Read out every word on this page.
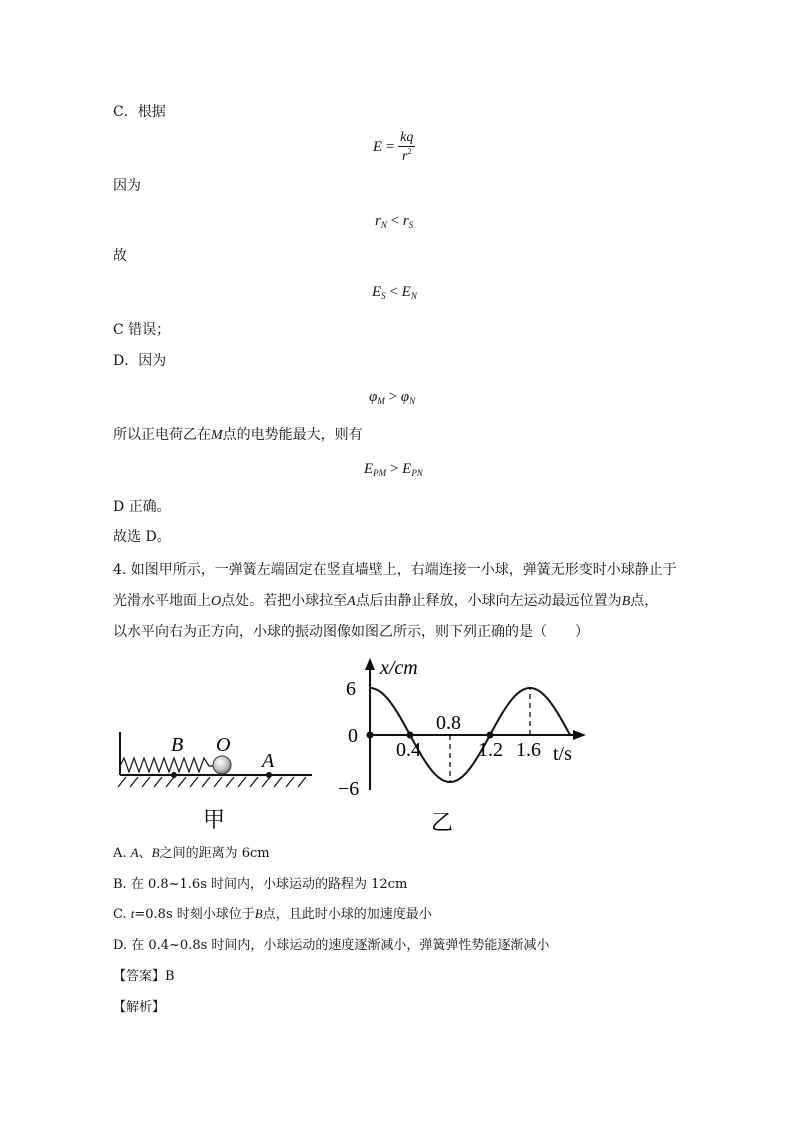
C．根据
$E = \frac{kq}{r^2}$
因为
$r_N < r_S$
故
$E_S < E_N$
C 错误；
D．因为
$\varphi_M > \varphi_N$
所以正电荷乙在M点的电势能最大，则有
$E_{PM} > E_{PN}$
D 正确。
故选 D。
4. 如图甲所示，一弹簧左端固定在竖直墙壁上，右端连接一小球，弹簧无形变时小球静止于
光滑水平地面上O点处。若把小球拉至A点后由静止释放，小球向左运动最远位置为B点，
以水平向右为正方向，小球的振动图像如图乙所示，则下列正确的是（　　）
B O
A
甲
0.4
0.8
1.2 1.6
6
0
−6
x/cm
t/s
乙
A. A、B之间的距离为 6cm
B. 在 0.8~1.6s 时间内，小球运动的路程为 12cm
C. t=0.8s 时刻小球位于B点，且此时小球的加速度最小
D. 在 0.4~0.8s 时间内，小球运动的速度逐渐减小，弹簧弹性势能逐渐减小
【答案】B
【解析】
